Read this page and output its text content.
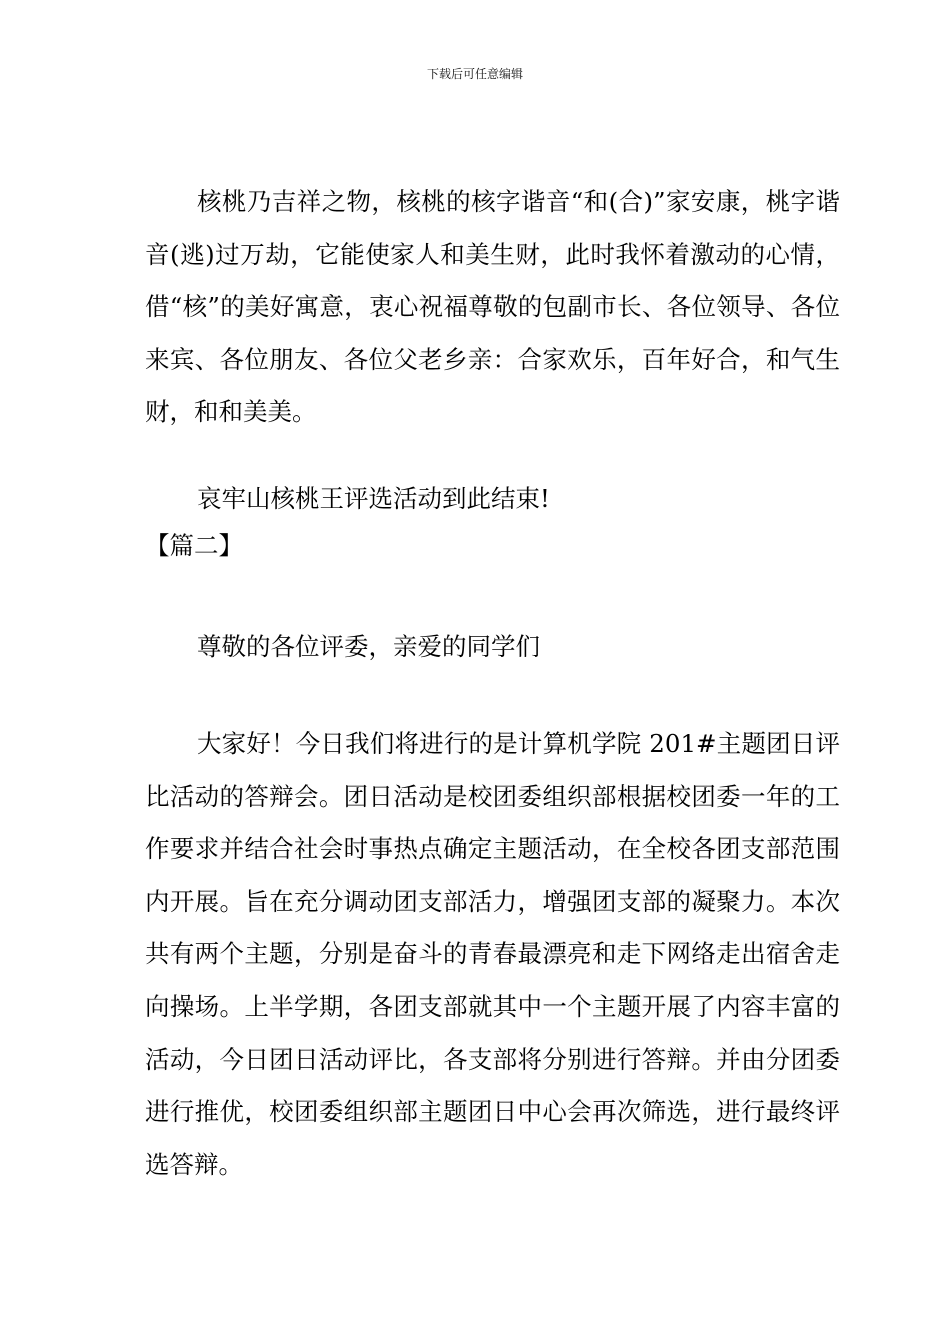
下载后可任意编辑

核桃乃吉祥之物，核桃的核字谐音“和(合)”家安康，桃字谐音(逃)过万劫，它能使家人和美生财，此时我怀着激动的心情，借“核”的美好寓意，衷心祝福尊敬的包副市长、各位领导、各位来宾、各位朋友、各位父老乡亲：合家欢乐，百年好合，和气生财，和和美美。

哀牢山核桃王评选活动到此结束!

【篇二】

尊敬的各位评委，亲爱的同学们

大家好！今日我们将进行的是计算机学院 201#主题团日评比活动的答辩会。团日活动是校团委组织部根据校团委一年的工作要求并结合社会时事热点确定主题活动，在全校各团支部范围内开展。旨在充分调动团支部活力，增强团支部的凝聚力。本次共有两个主题，分别是奋斗的青春最漂亮和走下网络走出宿舍走向操场。上半学期，各团支部就其中一个主题开展了内容丰富的活动，今日团日活动评比，各支部将分别进行答辩。并由分团委进行推优，校团委组织部主题团日中心会再次筛选，进行最终评选答辩。
